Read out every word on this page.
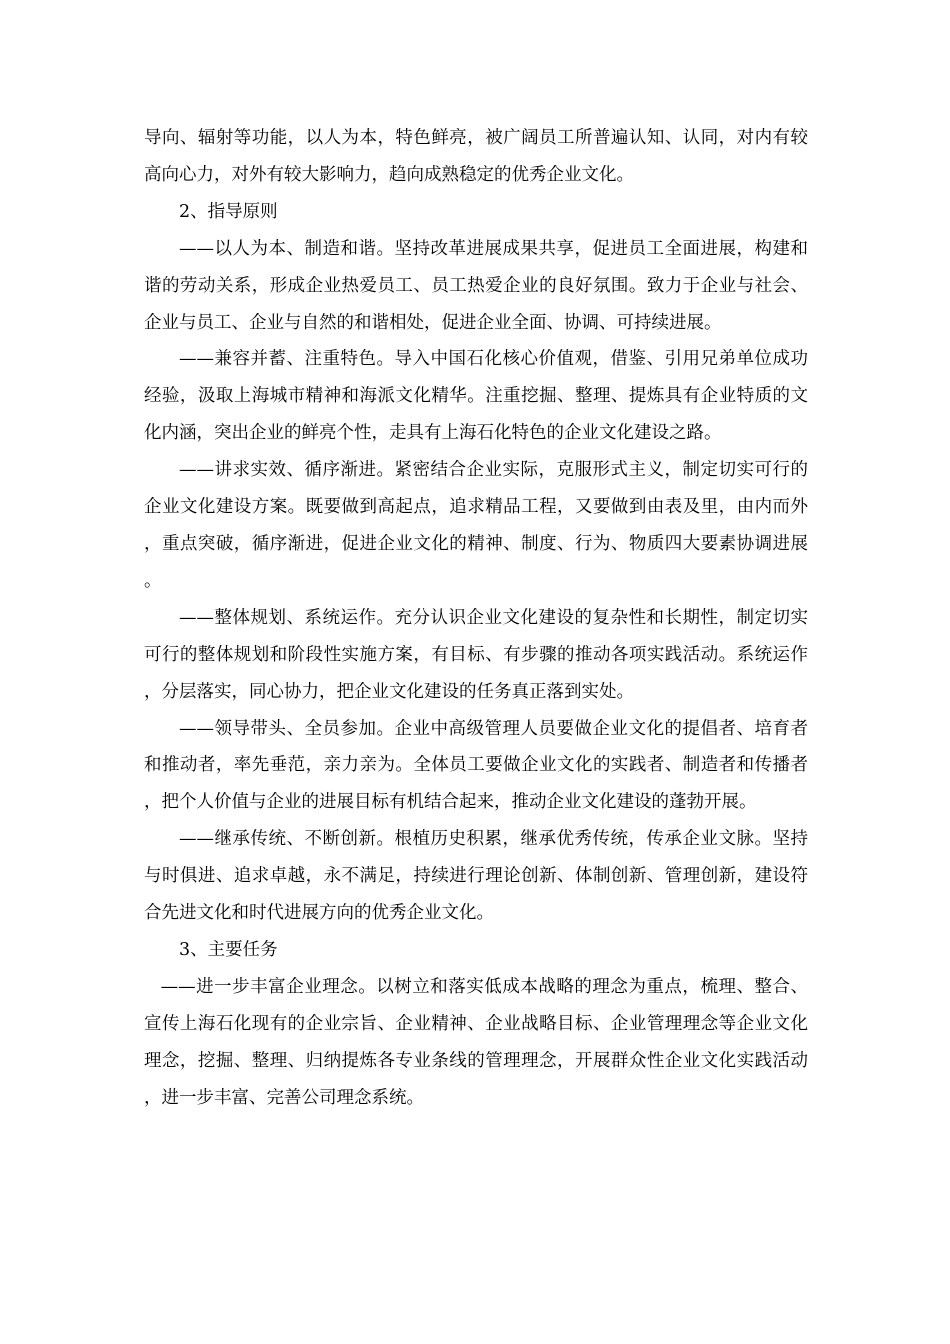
导向、辐射等功能，以人为本，特色鲜亮，被广阔员工所普遍认知、认同，对内有较高向心力，对外有较大影响力，趋向成熟稳定的优秀企业文化。

2、指导原则

——以人为本、制造和谐。坚持改革进展成果共享，促进员工全面进展，构建和谐的劳动关系，形成企业热爱员工、员工热爱企业的良好氛围。致力于企业与社会、企业与员工、企业与自然的和谐相处，促进企业全面、协调、可持续进展。

——兼容并蓄、注重特色。导入中国石化核心价值观，借鉴、引用兄弟单位成功经验，汲取上海城市精神和海派文化精华。注重挖掘、整理、提炼具有企业特质的文化内涵，突出企业的鲜亮个性，走具有上海石化特色的企业文化建设之路。

——讲求实效、循序渐进。紧密结合企业实际，克服形式主义，制定切实可行的企业文化建设方案。既要做到高起点，追求精品工程，又要做到由表及里，由内而外，重点突破，循序渐进，促进企业文化的精神、制度、行为、物质四大要素协调进展。

——整体规划、系统运作。充分认识企业文化建设的复杂性和长期性，制定切实可行的整体规划和阶段性实施方案，有目标、有步骤的推动各项实践活动。系统运作，分层落实，同心协力，把企业文化建设的任务真正落到实处。

——领导带头、全员参加。企业中高级管理人员要做企业文化的提倡者、培育者和推动者，率先垂范，亲力亲为。全体员工要做企业文化的实践者、制造者和传播者，把个人价值与企业的进展目标有机结合起来，推动企业文化建设的蓬勃开展。

——继承传统、不断创新。根植历史积累，继承优秀传统，传承企业文脉。坚持与时俱进、追求卓越，永不满足，持续进行理论创新、体制创新、管理创新，建设符合先进文化和时代进展方向的优秀企业文化。

3、主要任务

——进一步丰富企业理念。以树立和落实低成本战略的理念为重点，梳理、整合、宣传上海石化现有的企业宗旨、企业精神、企业战略目标、企业管理理念等企业文化理念，挖掘、整理、归纳提炼各专业条线的管理理念，开展群众性企业文化实践活动，进一步丰富、完善公司理念系统。
